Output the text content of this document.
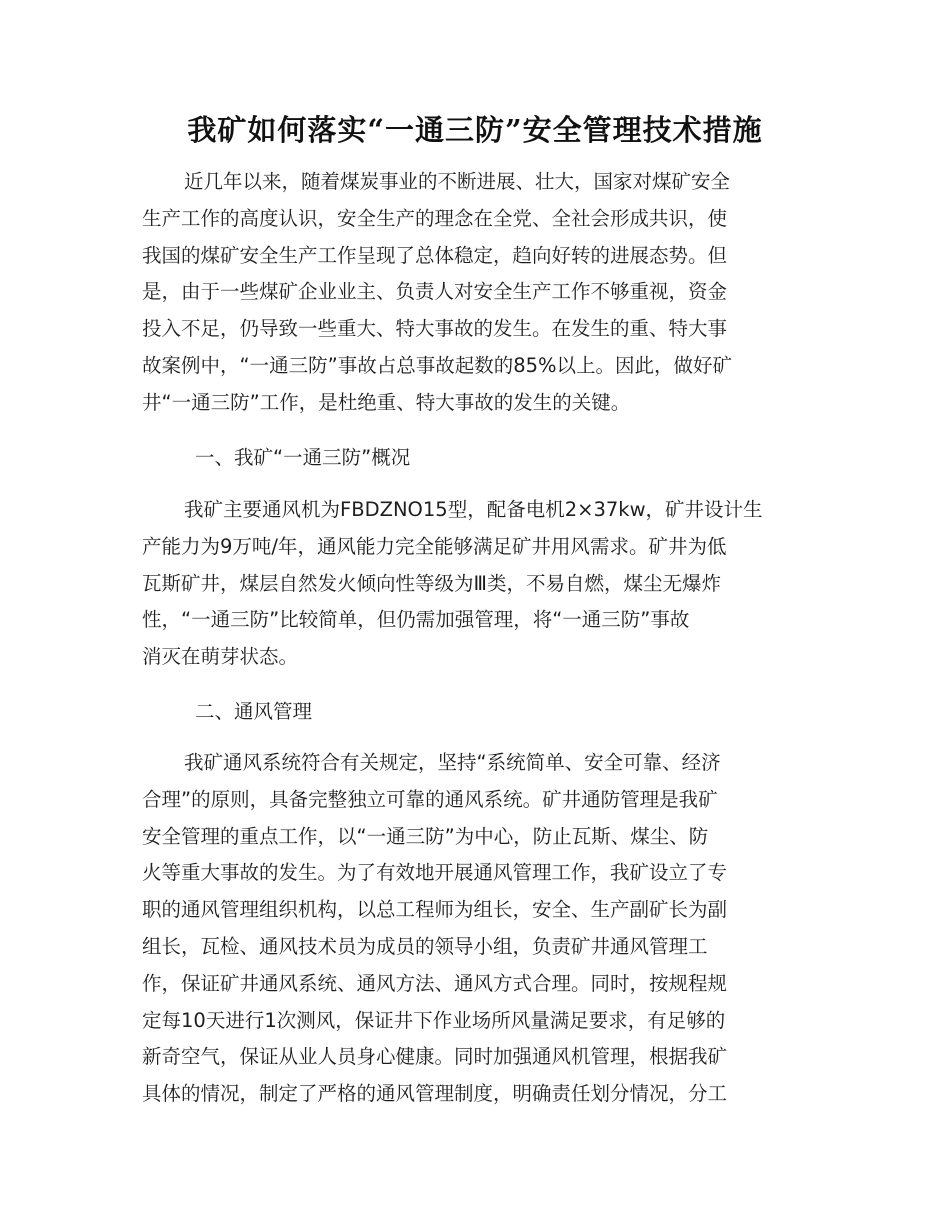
我矿如何落实“一通三防”安全管理技术措施
近几年以来，随着煤炭事业的不断进展、壮大，国家对煤矿安全
生产工作的高度认识，安全生产的理念在全党、全社会形成共识，使
我国的煤矿安全生产工作呈现了总体稳定，趋向好转的进展态势。但
是，由于一些煤矿企业业主、负责人对安全生产工作不够重视，资金
投入不足，仍导致一些重大、特大事故的发生。在发生的重、特大事
故案例中，“一通三防”事故占总事故起数的85%以上。因此，做好矿
井“一通三防”工作，是杜绝重、特大事故的发生的关键。
一、我矿“一通三防”概况
我矿主要通风机为FBDZNO15型，配备电机2×37kw，矿井设计生
产能力为9万吨/年，通风能力完全能够满足矿井用风需求。矿井为低
瓦斯矿井，煤层自然发火倾向性等级为Ⅲ类，不易自燃，煤尘无爆炸
性，“一通三防”比较简单，但仍需加强管理，将“一通三防”事故
消灭在萌芽状态。
二、通风管理
我矿通风系统符合有关规定，坚持“系统简单、安全可靠、经济
合理”的原则，具备完整独立可靠的通风系统。矿井通防管理是我矿
安全管理的重点工作，以“一通三防”为中心，防止瓦斯、煤尘、防
火等重大事故的发生。为了有效地开展通风管理工作，我矿设立了专
职的通风管理组织机构，以总工程师为组长，安全、生产副矿长为副
组长，瓦检、通风技术员为成员的领导小组，负责矿井通风管理工
作，保证矿井通风系统、通风方法、通风方式合理。同时，按规程规
定每10天进行1次测风，保证井下作业场所风量满足要求，有足够的
新奇空气，保证从业人员身心健康。同时加强通风机管理，根据我矿
具体的情况，制定了严格的通风管理制度，明确责任划分情况，分工
